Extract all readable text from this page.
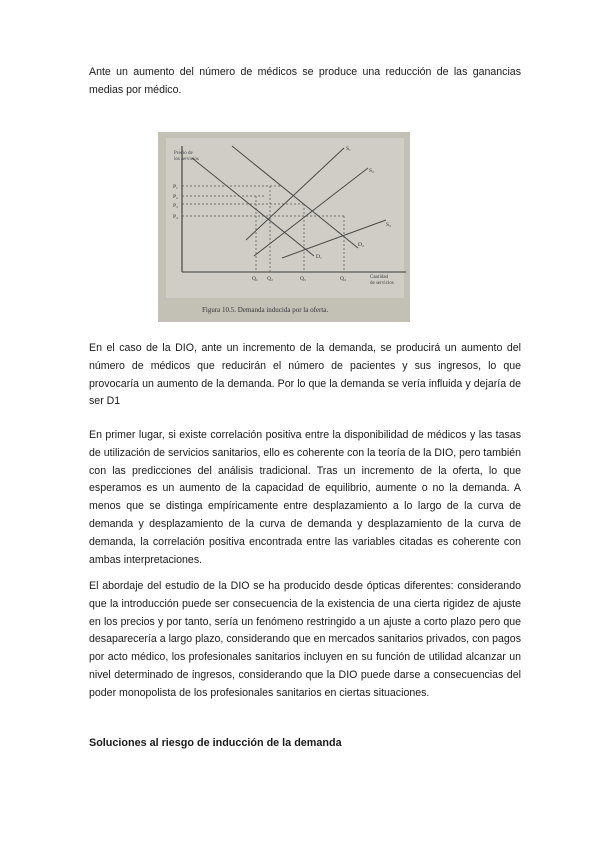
Ante un aumento del número de médicos se produce una reducción de las ganancias medias por médico.

Precio de
los servicios
Cantidad
de servicios
P₁
P₂
P₃
P₄
Q₁ Q₂	Q₃	Q₄
S₁
S₂
D₁
D₂
S₃
Figura 10.5. Demanda inducida por la oferta.

En el caso de la DIO, ante un incremento de la demanda, se producirá un aumento del número de médicos que reducirán el número de pacientes y sus ingresos, lo que provocaría un aumento de la demanda. Por lo que la demanda se vería influida y dejaría de ser D1

En primer lugar, si existe correlación positiva entre la disponibilidad de médicos y las tasas de utilización de servicios sanitarios, ello es coherente con la teoría de la DIO, pero también con las predicciones del análisis tradicional. Tras un incremento de la oferta, lo que esperamos es un aumento de la capacidad de equilibrio, aumente o no la demanda. A menos que se distinga empíricamente entre desplazamiento a lo largo de la curva de demanda y desplazamiento de la curva de demanda y desplazamiento de la curva de demanda, la correlación positiva encontrada entre las variables citadas es coherente con ambas interpretaciones.

El abordaje del estudio de la DIO se ha producido desde ópticas diferentes: considerando que la introducción puede ser consecuencia de la existencia de una cierta rigidez de ajuste en los precios y por tanto, sería un fenómeno restringido a un ajuste a corto plazo pero que desaparecería a largo plazo, considerando que en mercados sanitarios privados, con pagos por acto médico, los profesionales sanitarios incluyen en su función de utilidad alcanzar un nivel determinado de ingresos, considerando que la DIO puede darse a consecuencias del poder monopolista de los profesionales sanitarios en ciertas situaciones.

Soluciones al riesgo de inducción de la demanda
